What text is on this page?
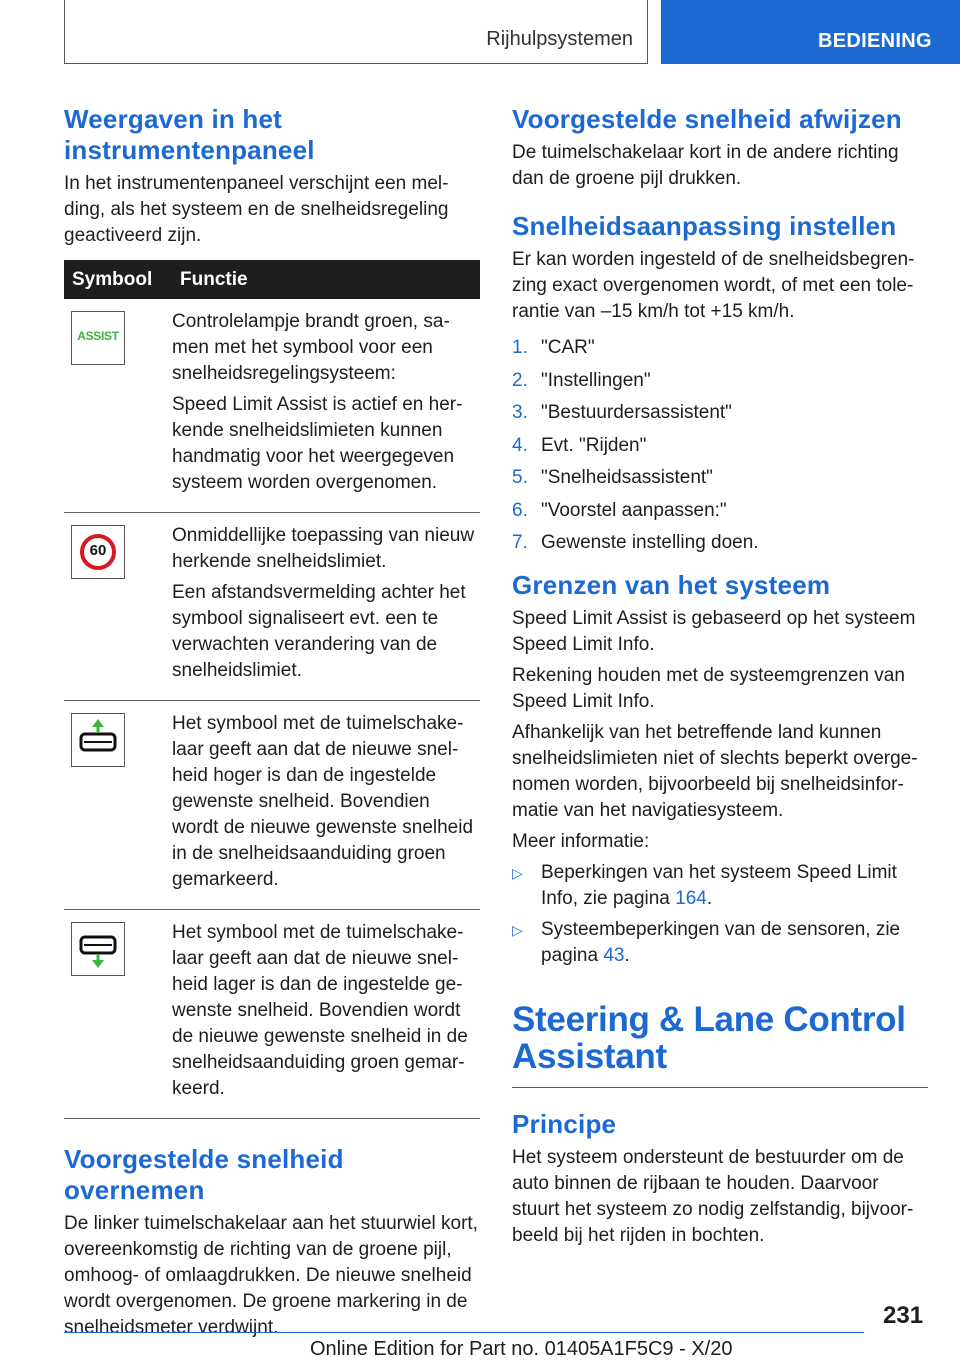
Rijhulpsystemen	BEDIENING
Weergaven in het instrumentenpaneel

In het instrumentenpaneel verschijnt een melding, als het systeem en de snelheidsregeling geactiveerd zijn.

Symbool	Functie

ASSIST	Controlelampje brandt groen, samen met het symbool voor een snelheidsregelingsysteem:

Speed Limit Assist is actief en herkende snelheidslimieten kunnen handmatig voor het weergegeven systeem worden overgenomen.

60	Onmiddellijke toepassing van nieuw herkende snelheidslimiet.

Een afstandsvermelding achter het symbool signaliseert evt. een te verwachten verandering van de snelheidslimiet.

Het symbool met de tuimelschakelaar geeft aan dat de nieuwe snelheid hoger is dan de ingestelde gewenste snelheid. Bovendien wordt de nieuwe gewenste snelheid in de snelheidsaanduiding groen gemarkeerd.

Het symbool met de tuimelschakelaar geeft aan dat de nieuwe snelheid lager is dan de ingestelde gewenste snelheid. Bovendien wordt de nieuwe gewenste snelheid in de snelheidsaanduiding groen gemarkeerd.

Voorgestelde snelheid overnemen

De linker tuimelschakelaar aan het stuurwiel kort, overeenkomstig de richting van de groene pijl, omhoog- of omlaagdrukken. De nieuwe snelheid wordt overgenomen. De groene markering in de snelheidsmeter verdwijnt.

Voorgestelde snelheid afwijzen

De tuimelschakelaar kort in de andere richting dan de groene pijl drukken.

Snelheidsaanpassing instellen

Er kan worden ingesteld of de snelheidsbegrenzing exact overgenomen wordt, of met een tolerantie van –15 km/h tot +15 km/h.

1. "CAR"
2. "Instellingen"
3. "Bestuurdersassistent"
4. Evt. "Rijden"
5. "Snelheidsassistent"
6. "Voorstel aanpassen:"
7. Gewenste instelling doen.
Grenzen van het systeem

Speed Limit Assist is gebaseerd op het systeem Speed Limit Info.

Rekening houden met de systeemgrenzen van Speed Limit Info.

Afhankelijk van het betreffende land kunnen snelheidslimieten niet of slechts beperkt overgenomen worden, bijvoorbeeld bij snelheidsinformatie van het navigatiesysteem.

Meer informatie:

▷ Beperkingen van het systeem Speed Limit Info, zie pagina 164.
▷ Systeembeperkingen van de sensoren, zie pagina 43.
Steering & Lane Control Assistant
Principe

Het systeem ondersteunt de bestuurder om de auto binnen de rijbaan te houden. Daarvoor stuurt het systeem zo nodig zelfstandig, bijvoorbeeld bij het rijden in bochten.

231
Online Edition for Part no. 01405A1F5C9 - X/20
